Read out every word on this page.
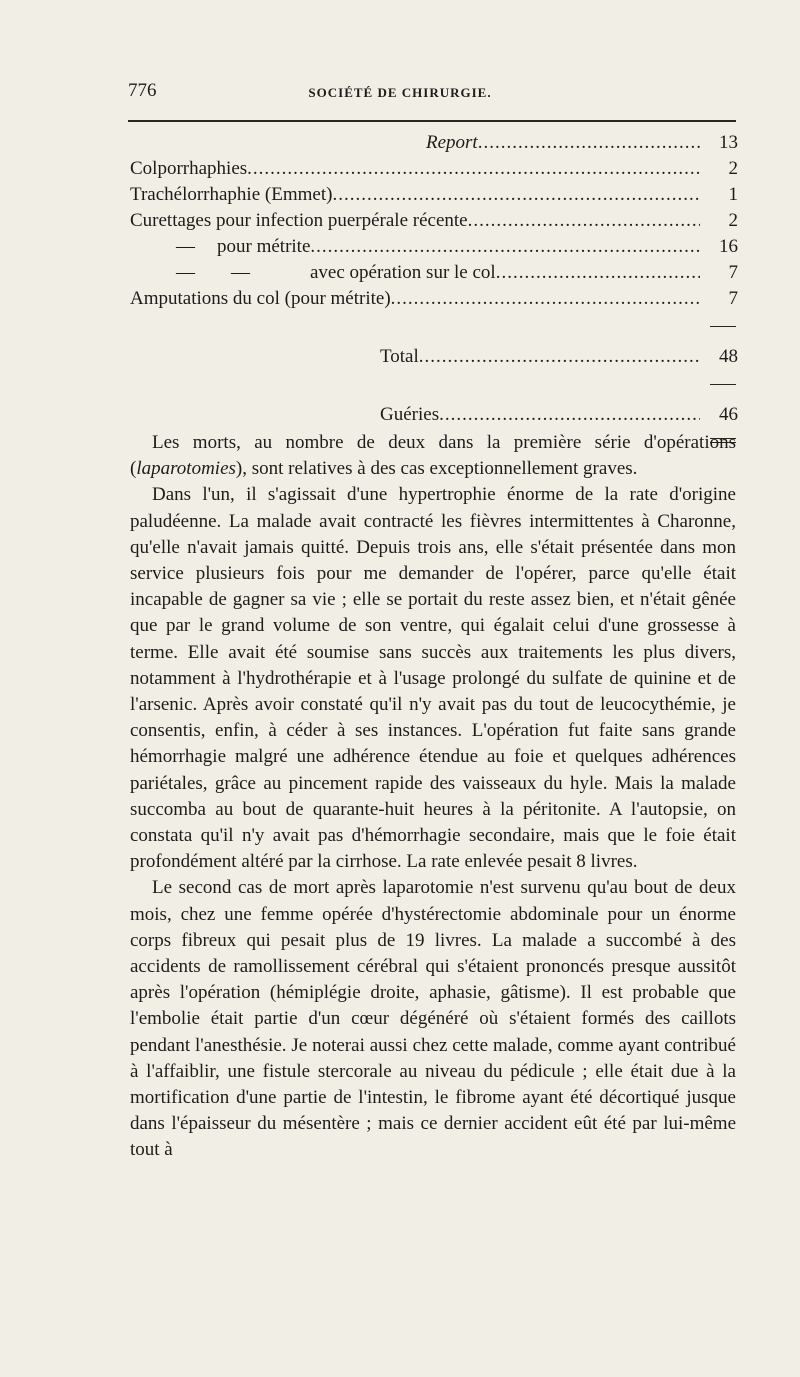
776	SOCIÉTÉ DE CHIRURGIE.
Report .....	13
Colporrhaphies .....	2
Trachélorrhaphie (Emmet) .....	1
Curettages pour infection puerpérale récente .....	2
— pour métrite .....	16
— —	avec opération sur le col .....	7
Amputations du col (pour métrite) .....	7
Total .....	48
Guéries .....	46

Les morts, au nombre de deux dans la première série d'opérations (laparotomies), sont relatives à des cas exceptionnellement graves.

Dans l'un, il s'agissait d'une hypertrophie énorme de la rate d'origine paludéenne. La malade avait contracté les fièvres intermittentes à Charonne, qu'elle n'avait jamais quitté. Depuis trois ans, elle s'était présentée dans mon service plusieurs fois pour me demander de l'opérer, parce qu'elle était incapable de gagner sa vie ; elle se portait du reste assez bien, et n'était gênée que par le grand volume de son ventre, qui égalait celui d'une grossesse à terme. Elle avait été soumise sans succès aux traitements les plus divers, notamment à l'hydrothérapie et à l'usage prolongé du sulfate de quinine et de l'arsenic. Après avoir constaté qu'il n'y avait pas du tout de leucocythémie, je consentis, enfin, à céder à ses instances. L'opération fut faite sans grande hémorrhagie malgré une adhérence étendue au foie et quelques adhérences pariétales, grâce au pincement rapide des vaisseaux du hyle. Mais la malade succomba au bout de quarante-huit heures à la péritonite. A l'autopsie, on constata qu'il n'y avait pas d'hémorrhagie secondaire, mais que le foie était profondément altéré par la cirrhose. La rate enlevée pesait 8 livres.

Le second cas de mort après laparotomie n'est survenu qu'au bout de deux mois, chez une femme opérée d'hystérectomie abdominale pour un énorme corps fibreux qui pesait plus de 19 livres. La malade a succombé à des accidents de ramollissement cérébral qui s'étaient prononcés presque aussitôt après l'opération (hémiplégie droite, aphasie, gâtisme). Il est probable que l'embolie était partie d'un cœur dégénéré où s'étaient formés des caillots pendant l'anesthésie. Je noterai aussi chez cette malade, comme ayant contribué à l'affaiblir, une fistule stercorale au niveau du pédicule ; elle était due à la mortification d'une partie de l'intestin, le fibrome ayant été décortiqué jusque dans l'épaisseur du mésentère ; mais ce dernier accident eût été par lui-même tout à
